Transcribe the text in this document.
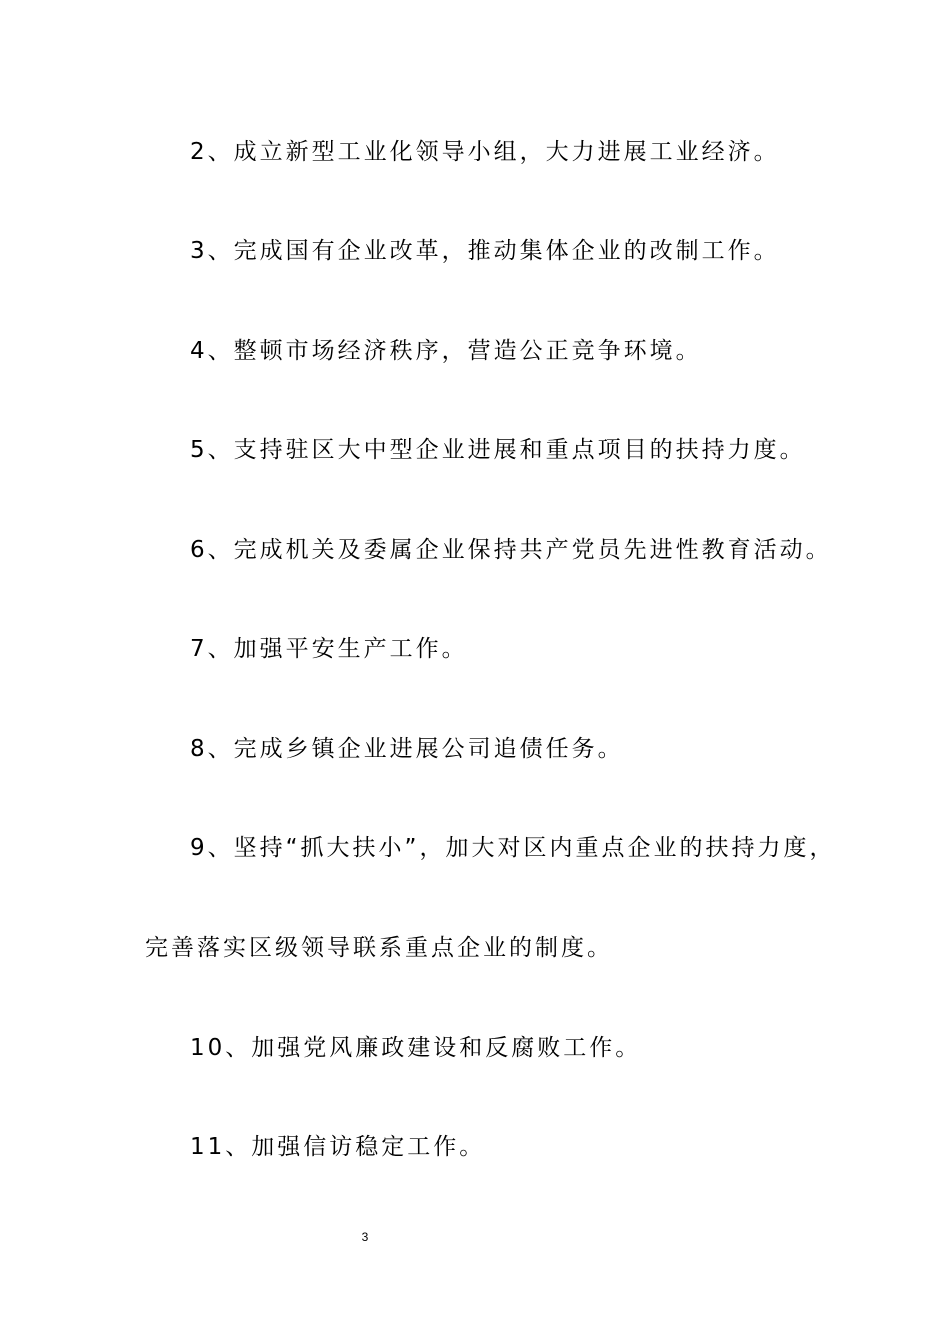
2、成立新型工业化领导小组，大力进展工业经济。
3、完成国有企业改革，推动集体企业的改制工作。
4、整顿市场经济秩序，营造公正竞争环境。
5、支持驻区大中型企业进展和重点项目的扶持力度。
6、完成机关及委属企业保持共产党员先进性教育活动。
7、加强平安生产工作。
8、完成乡镇企业进展公司追债任务。
9、坚持“抓大扶小”，加大对区内重点企业的扶持力度，
完善落实区级领导联系重点企业的制度。
10、加强党风廉政建设和反腐败工作。
11、加强信访稳定工作。
3
